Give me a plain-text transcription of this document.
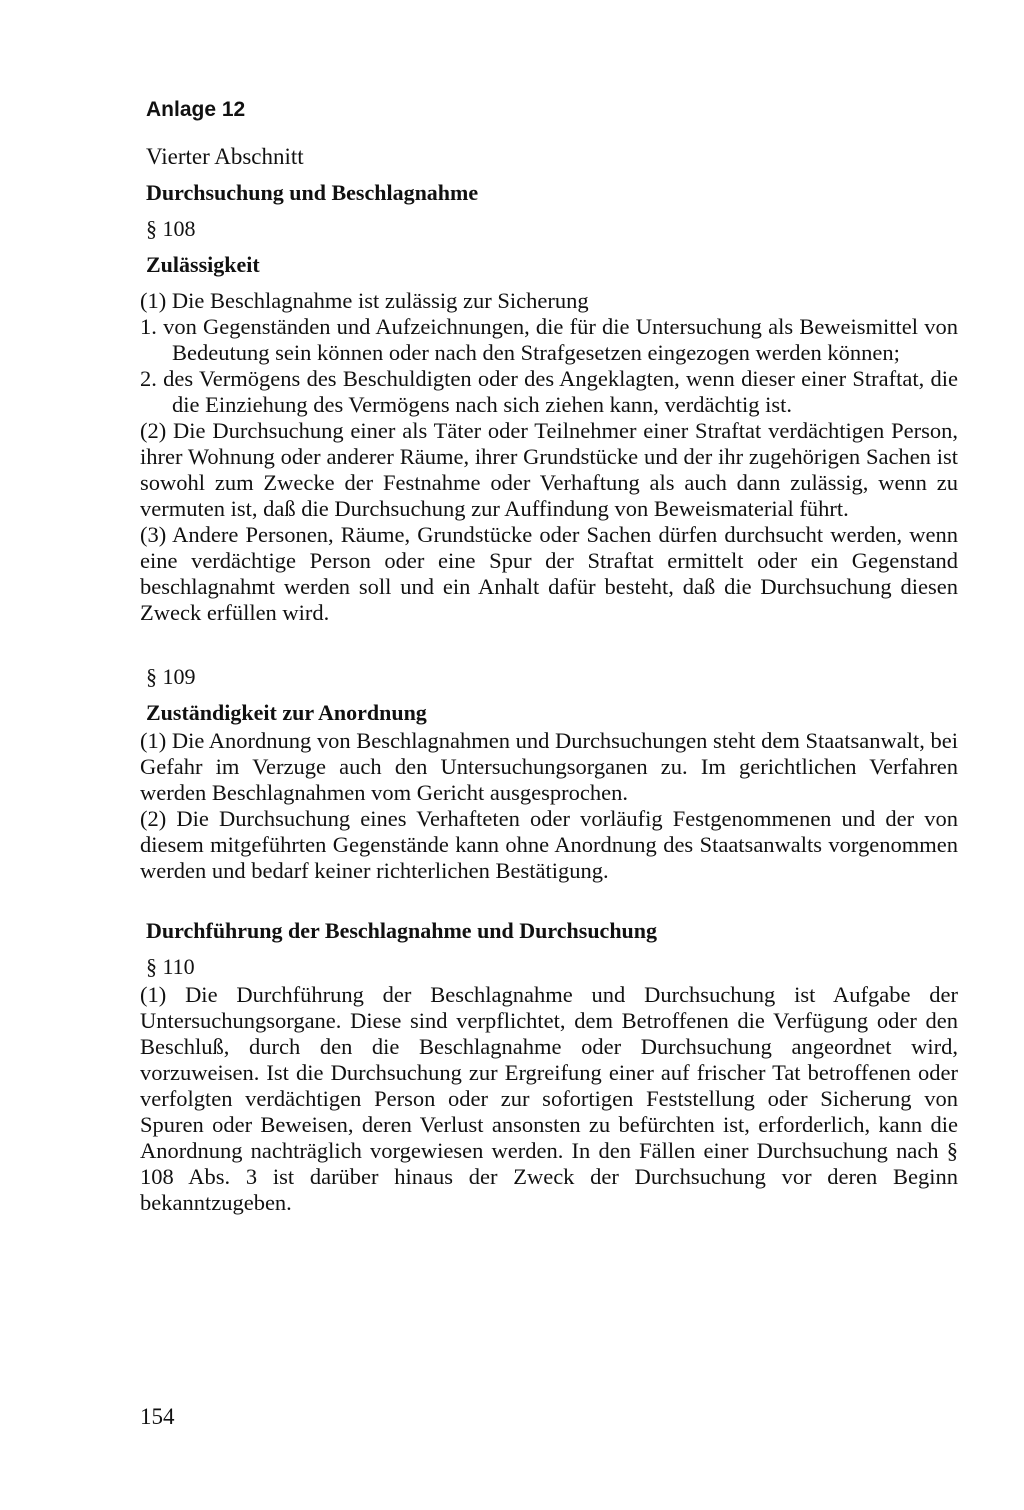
Anlage 12
Vierter Abschnitt
Durchsuchung und Beschlagnahme
§ 108
Zulässigkeit

(1) Die Beschlagnahme ist zulässig zur Sicherung

1. von Gegenständen und Aufzeichnungen, die für die Untersuchung als Beweismittel von Bedeutung sein können oder nach den Strafgesetzen eingezogen werden können;

2. des Vermögens des Beschuldigten oder des Angeklagten, wenn dieser einer Straftat, die die Einziehung des Vermögens nach sich ziehen kann, verdächtig ist.

(2) Die Durchsuchung einer als Täter oder Teilnehmer einer Straftat verdächtigen Person, ihrer Wohnung oder anderer Räume, ihrer Grundstücke und der ihr zugehörigen Sachen ist sowohl zum Zwecke der Festnahme oder Verhaftung als auch dann zulässig, wenn zu vermuten ist, daß die Durchsuchung zur Auffindung von Beweismaterial führt.

(3) Andere Personen, Räume, Grundstücke oder Sachen dürfen durchsucht werden, wenn eine verdächtige Person oder eine Spur der Straftat ermittelt oder ein Gegenstand beschlagnahmt werden soll und ein Anhalt dafür besteht, daß die Durchsuchung diesen Zweck erfüllen wird.

§ 109
Zuständigkeit zur Anordnung

(1) Die Anordnung von Beschlagnahmen und Durchsuchungen steht dem Staatsanwalt, bei Gefahr im Verzuge auch den Untersuchungsorganen zu. Im gerichtlichen Verfahren werden Beschlagnahmen vom Gericht ausgesprochen.

(2) Die Durchsuchung eines Verhafteten oder vorläufig Festgenommenen und der von diesem mitgeführten Gegenstände kann ohne Anordnung des Staatsanwalts vorgenommen werden und bedarf keiner richterlichen Bestätigung.

Durchführung der Beschlagnahme und Durchsuchung
§ 110

(1) Die Durchführung der Beschlagnahme und Durchsuchung ist Aufgabe der Untersuchungsorgane. Diese sind verpflichtet, dem Betroffenen die Verfügung oder den Beschluß, durch den die Beschlagnahme oder Durchsuchung angeordnet wird, vorzuweisen. Ist die Durchsuchung zur Ergreifung einer auf frischer Tat betroffenen oder verfolgten verdächtigen Person oder zur sofortigen Feststellung oder Sicherung von Spuren oder Beweisen, deren Verlust ansonsten zu befürchten ist, erforderlich, kann die Anordnung nachträglich vorgewiesen werden. In den Fällen einer Durchsuchung nach § 108 Abs. 3 ist darüber hinaus der Zweck der Durchsuchung vor deren Beginn bekanntzugeben.

154
